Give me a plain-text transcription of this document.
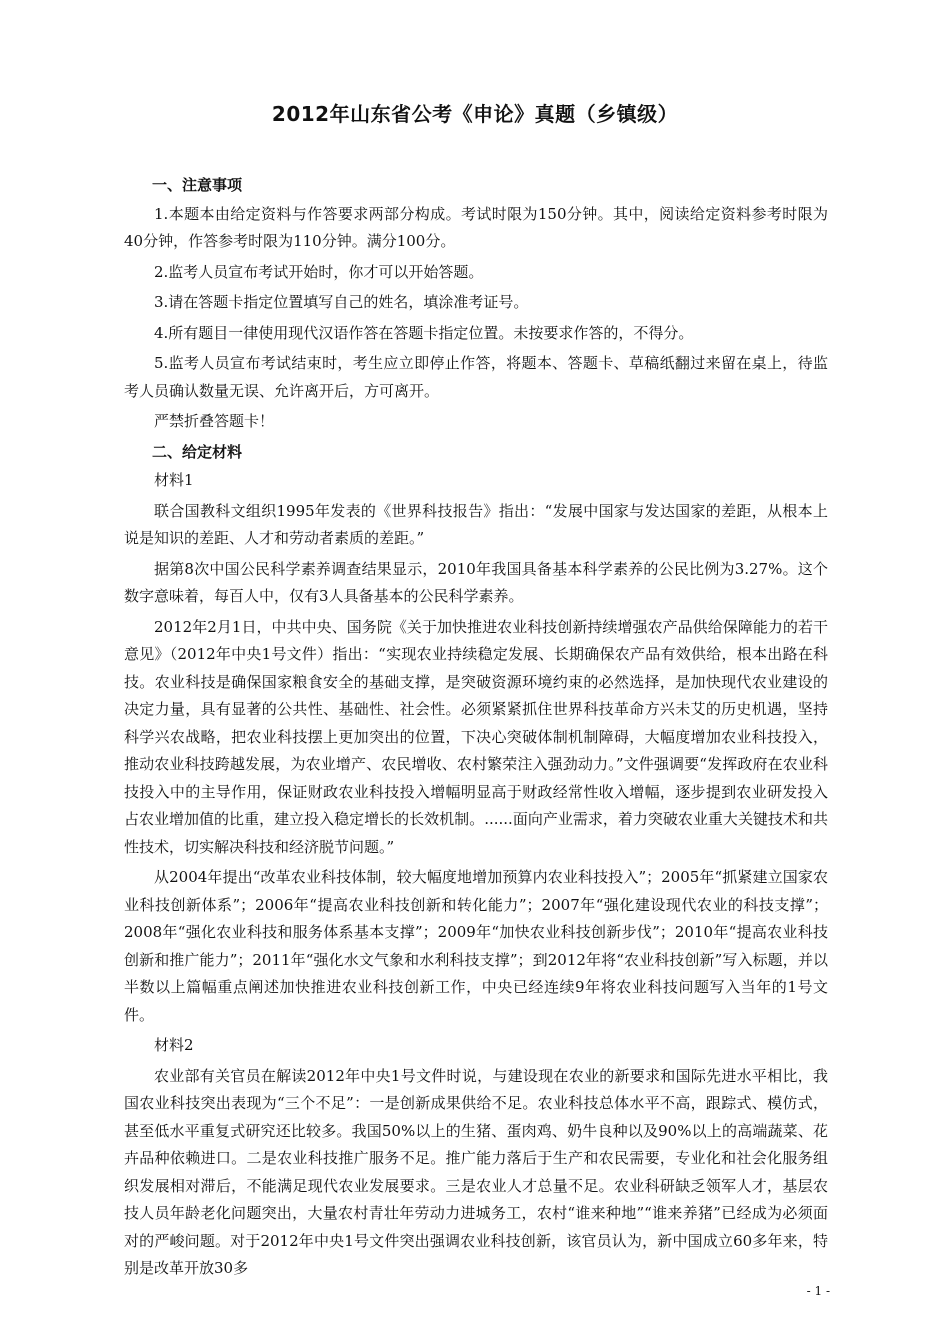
2012年山东省公考《申论》真题（乡镇级）
一、注意事项
1.本题本由给定资料与作答要求两部分构成。考试时限为150分钟。其中，阅读给定资料参考时限为40分钟，作答参考时限为110分钟。满分100分。
2.监考人员宣布考试开始时，你才可以开始答题。
3.请在答题卡指定位置填写自己的姓名，填涂准考证号。
4.所有题目一律使用现代汉语作答在答题卡指定位置。未按要求作答的，不得分。
5.监考人员宣布考试结束时，考生应立即停止作答，将题本、答题卡、草稿纸翻过来留在桌上，待监考人员确认数量无误、允许离开后，方可离开。
严禁折叠答题卡！
二、给定材料
材料1
联合国教科文组织1995年发表的《世界科技报告》指出：“发展中国家与发达国家的差距，从根本上说是知识的差距、人才和劳动者素质的差距。”
据第8次中国公民科学素养调查结果显示，2010年我国具备基本科学素养的公民比例为3.27%。这个数字意味着，每百人中，仅有3人具备基本的公民科学素养。
2012年2月1日，中共中央、国务院《关于加快推进农业科技创新持续增强农产品供给保障能力的若干意见》（2012年中央1号文件）指出：“实现农业持续稳定发展、长期确保农产品有效供给，根本出路在科技。农业科技是确保国家粮食安全的基础支撑，是突破资源环境约束的必然选择，是加快现代农业建设的决定力量，具有显著的公共性、基础性、社会性。必须紧紧抓住世界科技革命方兴未艾的历史机遇，坚持科学兴农战略，把农业科技摆上更加突出的位置，下决心突破体制机制障碍，大幅度增加农业科技投入，推动农业科技跨越发展，为农业增产、农民增收、农村繁荣注入强劲动力。”文件强调要“发挥政府在农业科技投入中的主导作用，保证财政农业科技投入增幅明显高于财政经常性收入增幅，逐步提到农业研发投入占农业增加值的比重，建立投入稳定增长的长效机制。......面向产业需求，着力突破农业重大关键技术和共性技术，切实解决科技和经济脱节问题。”
从2004年提出“改革农业科技体制，较大幅度地增加预算内农业科技投入”；2005年“抓紧建立国家农业科技创新体系”；2006年“提高农业科技创新和转化能力”；2007年“强化建设现代农业的科技支撑”；2008年“强化农业科技和服务体系基本支撑”；2009年“加快农业科技创新步伐”；2010年“提高农业科技创新和推广能力”；2011年“强化水文气象和水利科技支撑”；到2012年将“农业科技创新”写入标题，并以半数以上篇幅重点阐述加快推进农业科技创新工作，中央已经连续9年将农业科技问题写入当年的1号文件。
材料2
农业部有关官员在解读2012年中央1号文件时说，与建设现在农业的新要求和国际先进水平相比，我国农业科技突出表现为“三个不足”：一是创新成果供给不足。农业科技总体水平不高，跟踪式、模仿式，甚至低水平重复式研究还比较多。我国50%以上的生猪、蛋肉鸡、奶牛良种以及90%以上的高端蔬菜、花卉品种依赖进口。二是农业科技推广服务不足。推广能力落后于生产和农民需要，专业化和社会化服务组织发展相对滞后，不能满足现代农业发展要求。三是农业人才总量不足。农业科研缺乏领军人才，基层农技人员年龄老化问题突出，大量农村青壮年劳动力进城务工，农村“谁来种地”“谁来养猪”已经成为必须面对的严峻问题。对于2012年中央1号文件突出强调农业科技创新，该官员认为，新中国成立60多年来，特别是改革开放30多
- 1 -
